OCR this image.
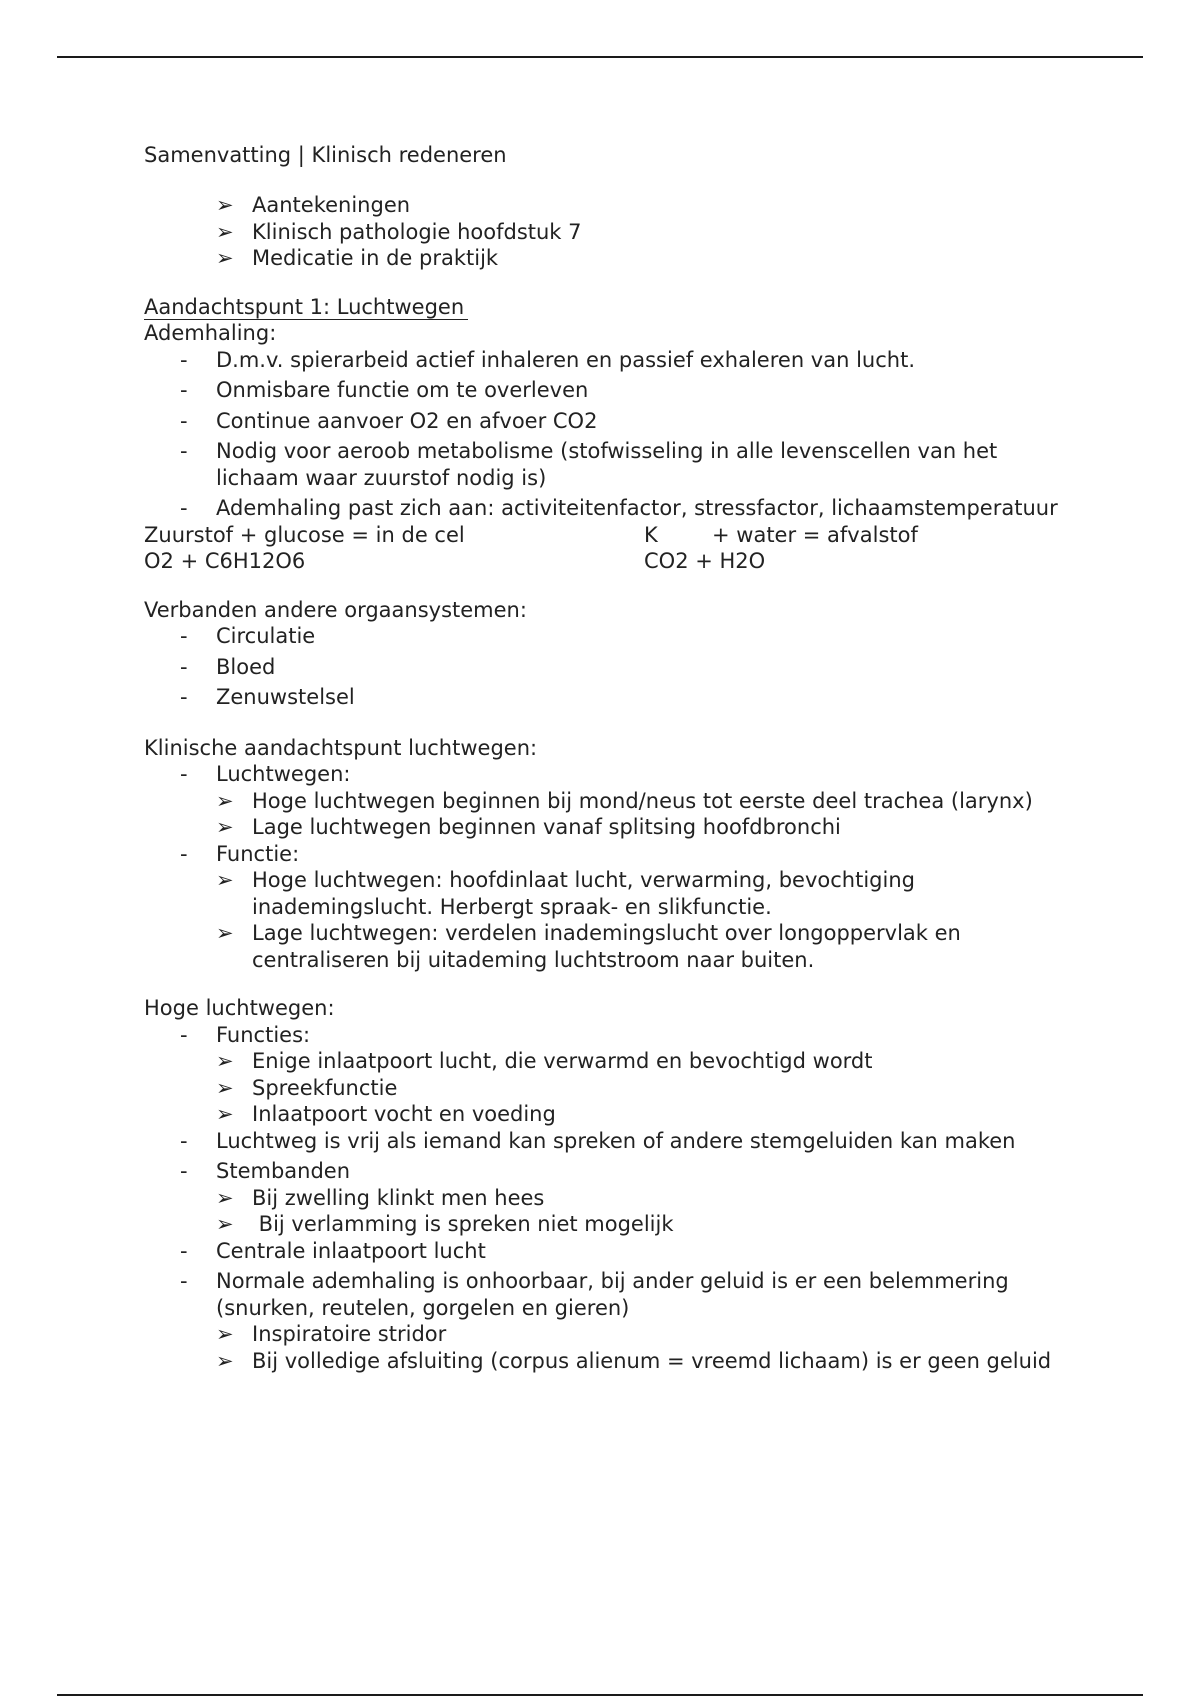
Samenvatting | Klinisch redeneren
➢ Aantekeningen
➢ Klinisch pathologie hoofdstuk 7
➢ Medicatie in de praktijk
Aandachtspunt 1: Luchtwegen
Ademhaling:
- D.m.v. spierarbeid actief inhaleren en passief exhaleren van lucht.
- Onmisbare functie om te overleven
- Continue aanvoer O2 en afvoer CO2
- Nodig voor aeroob metabolisme (stofwisseling in alle levenscellen van het lichaam waar zuurstof nodig is)
- Ademhaling past zich aan: activiteitenfactor, stressfactor, lichaamstemperatuur
Zuurstof + glucose = in de cel	K	+ water = afvalstof
O2 + C6H12O6	CO2 + H2O
Verbanden andere orgaansystemen:
- Circulatie
- Bloed
- Zenuwstelsel
Klinische aandachtspunt luchtwegen:
- Luchtwegen:
➢ Hoge luchtwegen beginnen bij mond/neus tot eerste deel trachea (larynx)
➢ Lage luchtwegen beginnen vanaf splitsing hoofdbronchi
- Functie:
➢ Hoge luchtwegen: hoofdinlaat lucht, verwarming, bevochtiging inademingslucht. Herbergt spraak- en slikfunctie.
➢ Lage luchtwegen: verdelen inademingslucht over longoppervlak en centraliseren bij uitademing luchtstroom naar buiten.
Hoge luchtwegen:
- Functies:
➢ Enige inlaatpoort lucht, die verwarmd en bevochtigd wordt
➢ Spreekfunctie
➢ Inlaatpoort vocht en voeding
- Luchtweg is vrij als iemand kan spreken of andere stemgeluiden kan maken
- Stembanden
➢ Bij zwelling klinkt men hees
➢ Bij verlamming is spreken niet mogelijk
- Centrale inlaatpoort lucht
- Normale ademhaling is onhoorbaar, bij ander geluid is er een belemmering (snurken, reutelen, gorgelen en gieren)
➢ Inspiratoire stridor
➢ Bij volledige afsluiting (corpus alienum = vreemd lichaam) is er geen geluid
